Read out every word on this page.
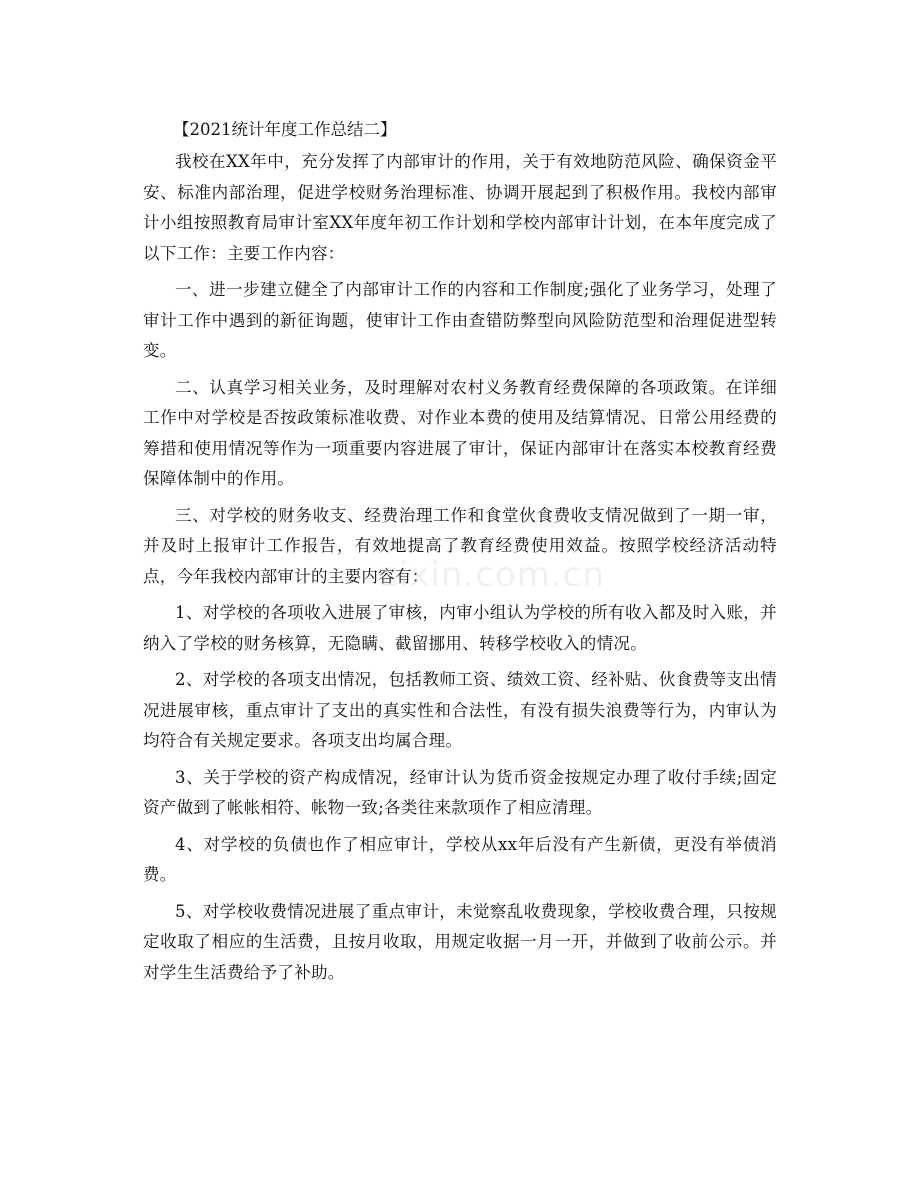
【2021统计年度工作总结二】

我校在XX年中，充分发挥了内部审计的作用，关于有效地防范风险、确保资金平安、标准内部治理，促进学校财务治理标准、协调开展起到了积极作用。我校内部审计小组按照教育局审计室XX年度年初工作计划和学校内部审计计划，在本年度完成了以下工作：主要工作内容：

一、进一步建立健全了内部审计工作的内容和工作制度;强化了业务学习，处理了审计工作中遇到的新征询题，使审计工作由查错防弊型向风险防范型和治理促进型转变。

二、认真学习相关业务，及时理解对农村义务教育经费保障的各项政策。在详细工作中对学校是否按政策标准收费、对作业本费的使用及结算情况、日常公用经费的筹措和使用情况等作为一项重要内容进展了审计，保证内部审计在落实本校教育经费保障体制中的作用。

三、对学校的财务收支、经费治理工作和食堂伙食费收支情况做到了一期一审，并及时上报审计工作报告，有效地提高了教育经费使用效益。按照学校经济活动特点，今年我校内部审计的主要内容有：

1、对学校的各项收入进展了审核，内审小组认为学校的所有收入都及时入账，并纳入了学校的财务核算，无隐瞒、截留挪用、转移学校收入的情况。

2、对学校的各项支出情况，包括教师工资、绩效工资、经补贴、伙食费等支出情况进展审核，重点审计了支出的真实性和合法性，有没有损失浪费等行为，内审认为均符合有关规定要求。各项支出均属合理。

3、关于学校的资产构成情况，经审计认为货币资金按规定办理了收付手续;固定资产做到了帐帐相符、帐物一致;各类往来款项作了相应清理。

4、对学校的负债也作了相应审计，学校从xx年后没有产生新债，更没有举债消费。

5、对学校收费情况进展了重点审计，未觉察乱收费现象，学校收费合理，只按规定收取了相应的生活费，且按月收取，用规定收据一月一开，并做到了收前公示。并对学生生活费给予了补助。

zixin.com.cn
